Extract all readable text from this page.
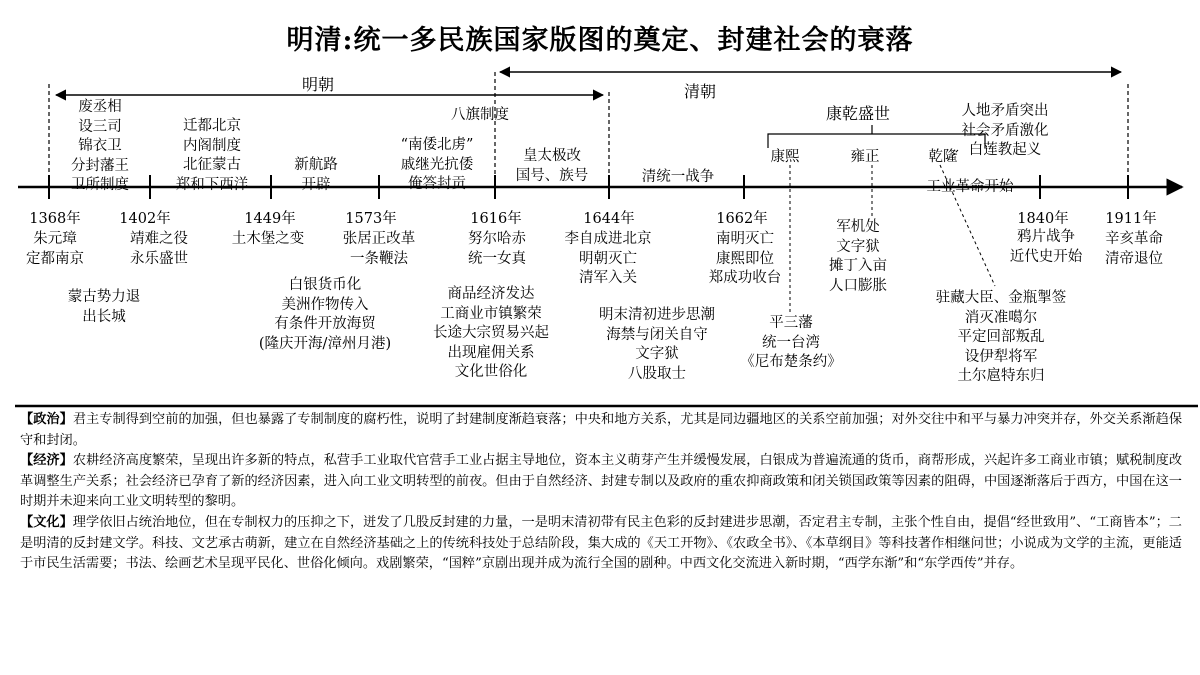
明清:统一多民族国家版图的奠定、封建社会的衰落
明朝	清朝
康乾盛世
废丞相
设三司
锦衣卫
分封藩王
卫所制度
迁都北京
内阁制度
北征蒙古
郑和下西洋
新航路
开辟
“南倭北虏”
戚继光抗倭
俺答封贡
八旗制度
皇太极改
国号、族号	清统一战争
康熙	雍正	乾隆
工业革命开始
人地矛盾突出
社会矛盾激化
白莲教起义
1368年
朱元璋
定都南京
1402年
靖难之役
永乐盛世
1449年
土木堡之变
1573年
张居正改革
一条鞭法
1616年
努尔哈赤
统一女真
1644年
李自成进北京
明朝灭亡
清军入关
1662年
南明灭亡
康熙即位
郑成功收台
1840年
鸦片战争
近代史开始
1911年
辛亥革命
清帝退位
蒙古势力退
出长城
白银货币化
美洲作物传入
有条件开放海贸
(隆庆开海/漳州月港)
商品经济发达
工商业市镇繁荣
长途大宗贸易兴起
出现雇佣关系
文化世俗化
明末清初进步思潮
海禁与闭关自守
文字狱
八股取士
平三藩
统一台湾
《尼布楚条约》
军机处
文字狱
摊丁入亩
人口膨胀
驻藏大臣、金瓶掣签
消灭准噶尔
平定回部叛乱
设伊犁将军
土尔扈特东归

【政治】君主专制得到空前的加强，但也暴露了专制制度的腐朽性，说明了封建制度渐趋衰落；中央和地方关系，尤其是同边疆地区的关系空前加强；对外交往中和平与暴力冲突并存，外交关系渐趋保守和封闭。

【经济】农耕经济高度繁荣，呈现出许多新的特点，私营手工业取代官营手工业占据主导地位，资本主义萌芽产生并缓慢发展，白银成为普遍流通的货币，商帮形成，兴起许多工商业市镇；赋税制度改革调整生产关系；社会经济已孕育了新的经济因素，进入向工业文明转型的前夜。但由于自然经济、封建专制以及政府的重农抑商政策和闭关锁国政策等因素的阻碍，中国逐渐落后于西方，中国在这一时期并未迎来向工业文明转型的黎明。

【文化】理学依旧占统治地位，但在专制权力的压抑之下，迸发了几股反封建的力量，一是明末清初带有民主色彩的反封建进步思潮，否定君主专制，主张个性自由，提倡“经世致用”、“工商皆本”；二是明清的反封建文学。科技、文艺承古萌新，建立在自然经济基础之上的传统科技处于总结阶段，集大成的《天工开物》、《农政全书》、《本草纲目》等科技著作相继问世；小说成为文学的主流，更能适于市民生活需要；书法、绘画艺术呈现平民化、世俗化倾向。戏剧繁荣，“国粹”京剧出现并成为流行全国的剧种。中西文化交流进入新时期，“西学东渐”和“东学西传”并存。
